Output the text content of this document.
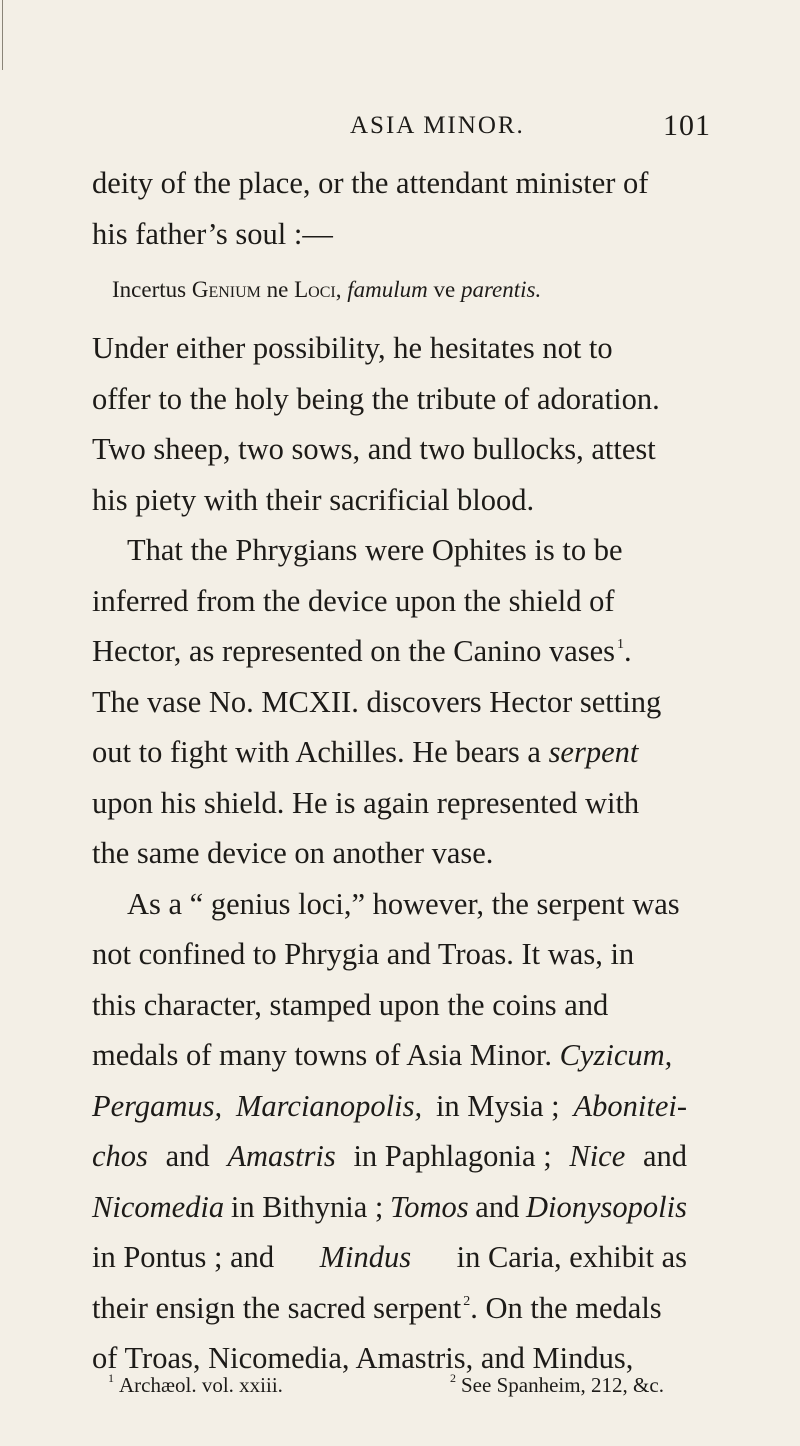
ASIA MINOR.	101
deity of the place, or the attendant minister of
his father’s soul :—
Incertus Genium ne Loci, famulum ve parentis.
Under either possibility, he hesitates not to
offer to the holy being the tribute of adoration.
Two sheep, two sows, and two bullocks, attest
his piety with their sacrificial blood.
That the Phrygians were Ophites is to be
inferred from the device upon the shield of
Hector, as represented on the Canino vases $^1$.
The vase No. MCXII. discovers Hector setting
out to fight with Achilles. He bears a serpent
upon his shield. He is again represented with
the same device on another vase.
As a “ genius loci,” however, the serpent was
not confined to Phrygia and Troas. It was, in
this character, stamped upon the coins and
medals of many towns of Asia Minor. Cyzicum,
Pergamus, Marcianopolis, in Mysia ; Abonitei-
chos and Amastris in Paphlagonia ; Nice and
Nicomedia in Bithynia ; Tomos and Dionysopolis
in Pontus ; and Mindus in Caria, exhibit as
their ensign the sacred serpent $^2$. On the medals
of Troas, Nicomedia, Amastris, and Mindus,
$^1$ Archæol. vol. xxiii.	$^2$ See Spanheim, 212, &c.
